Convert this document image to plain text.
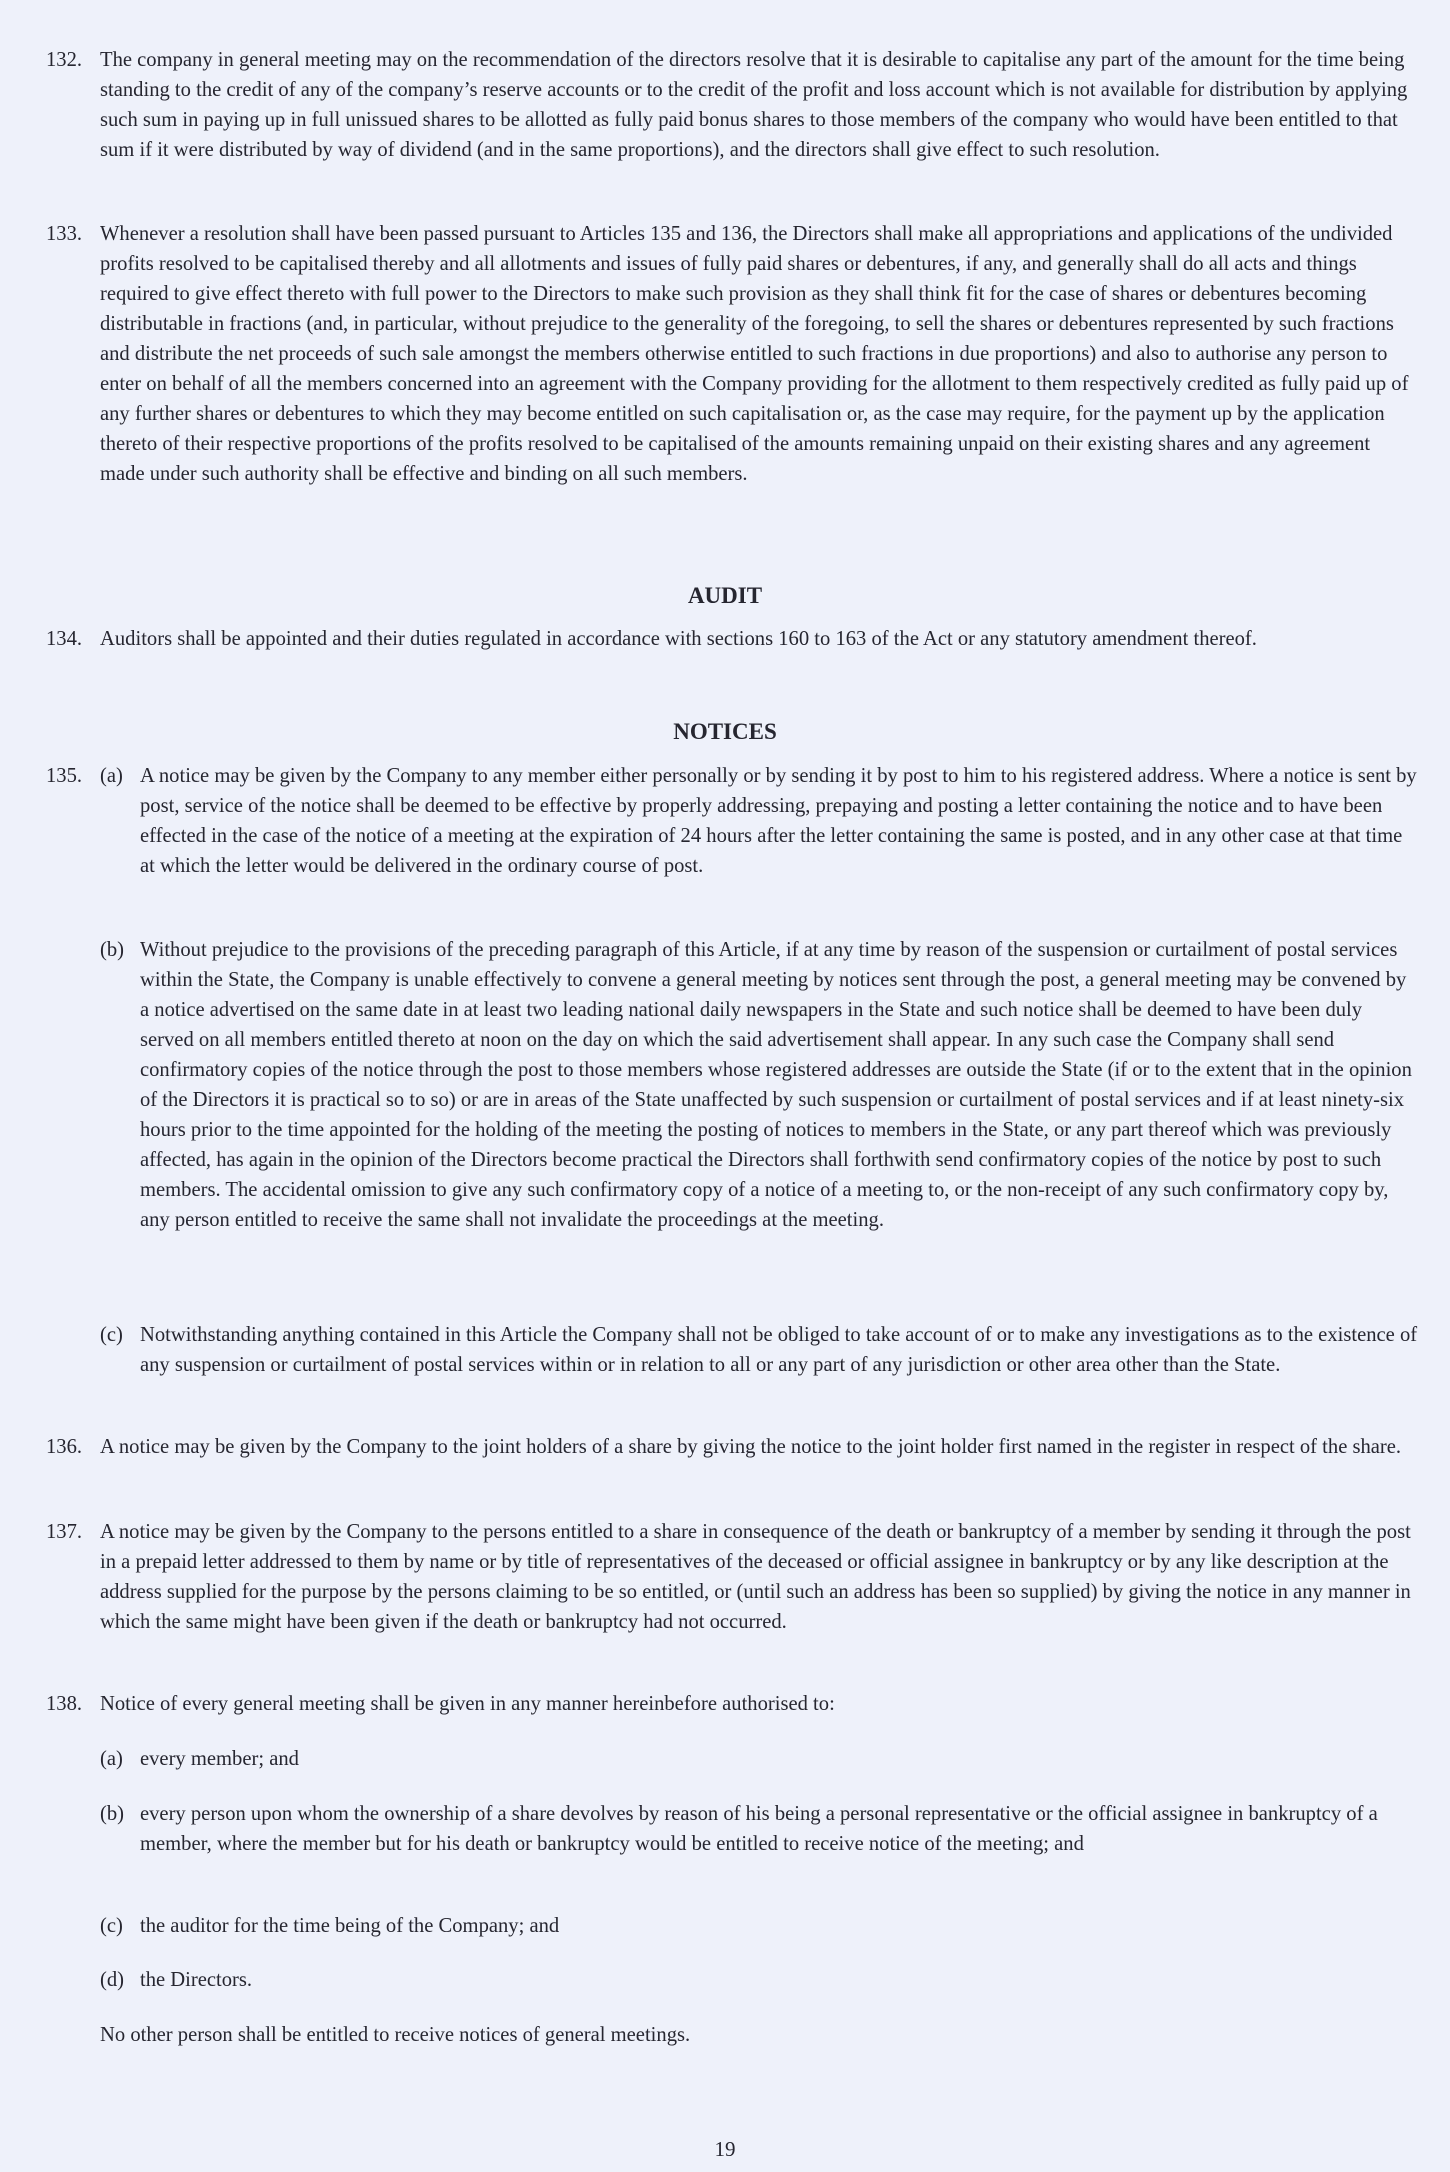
132. The company in general meeting may on the recommendation of the directors resolve that it is desirable to capitalise any part of the amount for the time being standing to the credit of any of the company’s reserve accounts or to the credit of the profit and loss account which is not available for distribution by applying such sum in paying up in full unissued shares to be allotted as fully paid bonus shares to those members of the company who would have been entitled to that sum if it were distributed by way of dividend (and in the same proportions), and the directors shall give effect to such resolution.

133. Whenever a resolution shall have been passed pursuant to Articles 135 and 136, the Directors shall make all appropriations and applications of the undivided profits resolved to be capitalised thereby and all allotments and issues of fully paid shares or debentures, if any, and generally shall do all acts and things required to give effect thereto with full power to the Directors to make such provision as they shall think fit for the case of shares or debentures becoming distributable in fractions (and, in particular, without prejudice to the generality of the foregoing, to sell the shares or debentures represented by such fractions and distribute the net proceeds of such sale amongst the members otherwise entitled to such fractions in due proportions) and also to authorise any person to enter on behalf of all the members concerned into an agreement with the Company providing for the allotment to them respectively credited as fully paid up of any further shares or debentures to which they may become entitled on such capitalisation or, as the case may require, for the payment up by the application thereto of their respective proportions of the profits resolved to be capitalised of the amounts remaining unpaid on their existing shares and any agreement made under such authority shall be effective and binding on all such members.

AUDIT
134. Auditors shall be appointed and their duties regulated in accordance with sections 160 to 163 of the Act or any statutory amendment thereof.

NOTICES
135. (a) A notice may be given by the Company to any member either personally or by sending it by post to him to his registered address. Where a notice is sent by post, service of the notice shall be deemed to be effective by properly addressing, prepaying and posting a letter containing the notice and to have been effected in the case of the notice of a meeting at the expiration of 24 hours after the letter containing the same is posted, and in any other case at that time at which the letter would be delivered in the ordinary course of post.

(b) Without prejudice to the provisions of the preceding paragraph of this Article, if at any time by reason of the suspension or curtailment of postal services within the State, the Company is unable effectively to convene a general meeting by notices sent through the post, a general meeting may be convened by a notice advertised on the same date in at least two leading national daily newspapers in the State and such notice shall be deemed to have been duly served on all members entitled thereto at noon on the day on which the said advertisement shall appear. In any such case the Company shall send confirmatory copies of the notice through the post to those members whose registered addresses are outside the State (if or to the extent that in the opinion of the Directors it is practical so to so) or are in areas of the State unaffected by such suspension or curtailment of postal services and if at least ninety-six hours prior to the time appointed for the holding of the meeting the posting of notices to members in the State, or any part thereof which was previously affected, has again in the opinion of the Directors become practical the Directors shall forthwith send confirmatory copies of the notice by post to such members. The accidental omission to give any such confirmatory copy of a notice of a meeting to, or the non-receipt of any such confirmatory copy by, any person entitled to receive the same shall not invalidate the proceedings at the meeting.

(c) Notwithstanding anything contained in this Article the Company shall not be obliged to take account of or to make any investigations as to the existence of any suspension or curtailment of postal services within or in relation to all or any part of any jurisdiction or other area other than the State.

136. A notice may be given by the Company to the joint holders of a share by giving the notice to the joint holder first named in the register in respect of the share.

137. A notice may be given by the Company to the persons entitled to a share in consequence of the death or bankruptcy of a member by sending it through the post in a prepaid letter addressed to them by name or by title of representatives of the deceased or official assignee in bankruptcy or by any like description at the address supplied for the purpose by the persons claiming to be so entitled, or (until such an address has been so supplied) by giving the notice in any manner in which the same might have been given if the death or bankruptcy had not occurred.

138. Notice of every general meeting shall be given in any manner hereinbefore authorised to:

(a) every member; and

(b) every person upon whom the ownership of a share devolves by reason of his being a personal representative or the official assignee in bankruptcy of a member, where the member but for his death or bankruptcy would be entitled to receive notice of the meeting; and

(c) the auditor for the time being of the Company; and

(d) the Directors.

No other person shall be entitled to receive notices of general meetings.
19
